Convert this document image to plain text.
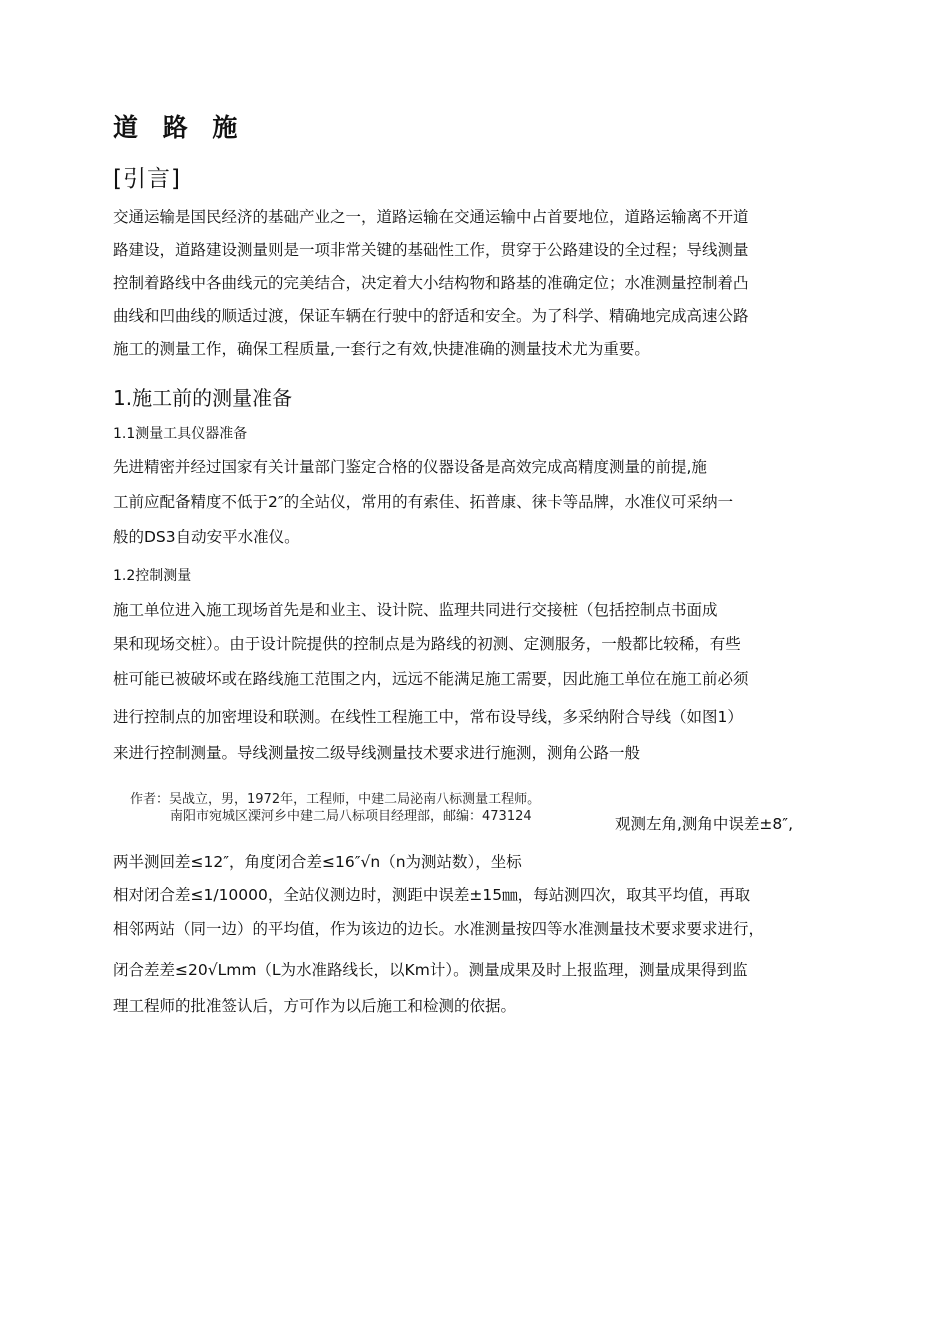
道 路 施
[引言]
交通运输是国民经济的基础产业之一，道路运输在交通运输中占首要地位，道路运输离不开道
路建设，道路建设测量则是一项非常关键的基础性工作，贯穿于公路建设的全过程；导线测量
控制着路线中各曲线元的完美结合，决定着大小结构物和路基的准确定位；水准测量控制着凸
曲线和凹曲线的顺适过渡，保证车辆在行驶中的舒适和安全。为了科学、精确地完成高速公路
施工的测量工作，确保工程质量,一套行之有效,快捷准确的测量技术尤为重要。
1.施工前的测量准备
1.1测量工具仪器准备
先进精密并经过国家有关计量部门鉴定合格的仪器设备是高效完成高精度测量的前提,施
工前应配备精度不低于2″的全站仪，常用的有索佳、拓普康、徕卡等品牌，水准仪可采纳一
般的DS3自动安平水准仪。
1.2控制测量
施工单位进入施工现场首先是和业主、设计院、监理共同进行交接桩（包括控制点书面成
果和现场交桩）。由于设计院提供的控制点是为路线的初测、定测服务，一般都比较稀，有些
桩可能已被破坏或在路线施工范围之内，远远不能满足施工需要，因此施工单位在施工前必须
进行控制点的加密埋设和联测。在线性工程施工中，常布设导线，多采纳附合导线（如图1）
来进行控制测量。导线测量按二级导线测量技术要求进行施测，测角公路一般
作者：吴战立，男，1972年，工程师，中建二局泌南八标测量工程师。
南阳市宛城区溧河乡中建二局八标项目经理部，邮编：473124	观测左角,测角中误差±8″,
两半测回差≤12″，角度闭合差≤16″√n（n为测站数），坐标
相对闭合差≤1/10000，全站仪测边时，测距中误差±15㎜，每站测四次，取其平均值，再取
相邻两站（同一边）的平均值，作为该边的边长。水准测量按四等水准测量技术要求要求进行，
闭合差差≤20√Lmm（L为水准路线长，以Km计）。测量成果及时上报监理，测量成果得到监
理工程师的批准签认后，方可作为以后施工和检测的依据。
